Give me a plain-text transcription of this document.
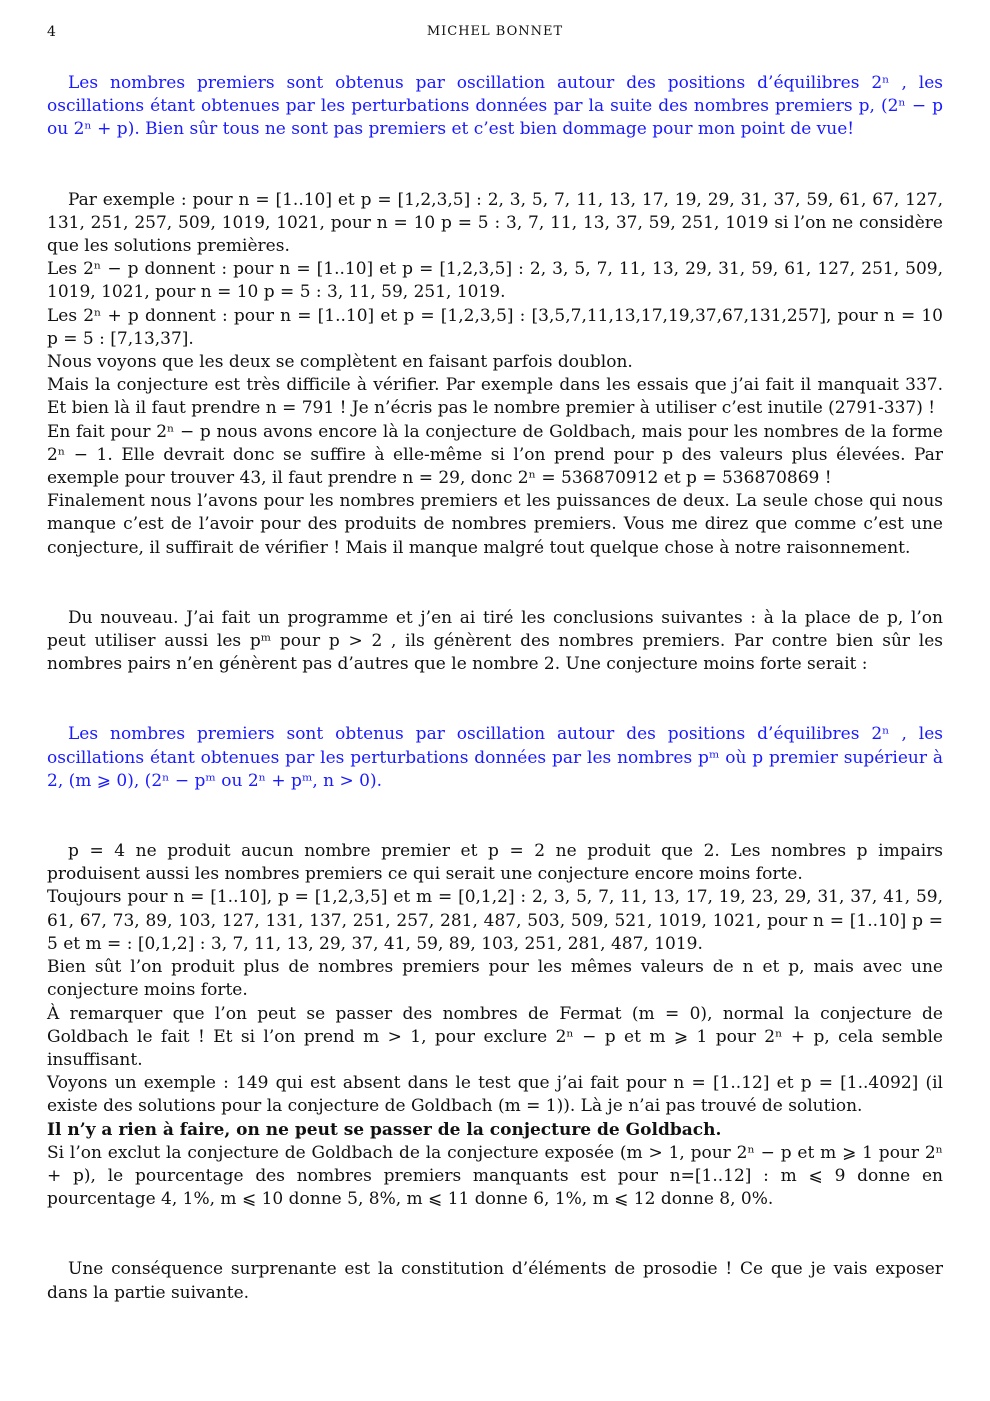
4	MICHEL BONNET

Les nombres premiers sont obtenus par oscillation autour des positions d’équilibres 2ⁿ , les oscillations étant obtenues par les perturbations données par la suite des nombres premiers p, (2ⁿ − p ou 2ⁿ + p). Bien sûr tous ne sont pas premiers et c’est bien dommage pour mon point de vue!

Par exemple : pour n = [1..10] et p = [1,2,3,5] : 2, 3, 5, 7, 11, 13, 17, 19, 29, 31, 37, 59, 61, 67, 127, 131, 251, 257, 509, 1019, 1021, pour n = 10 p = 5 : 3, 7, 11, 13, 37, 59, 251, 1019 si l’on ne considère que les solutions premières.

Les 2ⁿ − p donnent : pour n = [1..10] et p = [1,2,3,5] : 2, 3, 5, 7, 11, 13, 29, 31, 59, 61, 127, 251, 509, 1019, 1021, pour n = 10 p = 5 : 3, 11, 59, 251, 1019.

Les 2ⁿ + p donnent : pour n = [1..10] et p = [1,2,3,5] : [3,5,7,11,13,17,19,37,67,131,257], pour n = 10 p = 5 : [7,13,37].

Nous voyons que les deux se complètent en faisant parfois doublon.

Mais la conjecture est très difficile à vérifier. Par exemple dans les essais que j’ai fait il manquait 337. Et bien là il faut prendre n = 791 ! Je n’écris pas le nombre premier à utiliser c’est inutile (2791-337) !

En fait pour 2ⁿ − p nous avons encore là la conjecture de Goldbach, mais pour les nombres de la forme 2ⁿ − 1. Elle devrait donc se suffire à elle-même si l’on prend pour p des valeurs plus élevées. Par exemple pour trouver 43, il faut prendre n = 29, donc 2ⁿ = 536870912 et p = 536870869 !

Finalement nous l’avons pour les nombres premiers et les puissances de deux. La seule chose qui nous manque c’est de l’avoir pour des produits de nombres premiers. Vous me direz que comme c’est une conjecture, il suffirait de vérifier ! Mais il manque malgré tout quelque chose à notre raisonnement.

Du nouveau. J’ai fait un programme et j’en ai tiré les conclusions suivantes : à la place de p, l’on peut utiliser aussi les pᵐ pour p > 2 , ils génèrent des nombres premiers. Par contre bien sûr les nombres pairs n’en génèrent pas d’autres que le nombre 2. Une conjecture moins forte serait :

Les nombres premiers sont obtenus par oscillation autour des positions d’équilibres 2ⁿ , les oscillations étant obtenues par les perturbations données par les nombres pᵐ où p premier supérieur à 2, (m ⩾ 0), (2ⁿ − pᵐ ou 2ⁿ + pᵐ, n > 0).

p = 4 ne produit aucun nombre premier et p = 2 ne produit que 2. Les nombres p impairs produisent aussi les nombres premiers ce qui serait une conjecture encore moins forte.

Toujours pour n = [1..10], p = [1,2,3,5] et m = [0,1,2] : 2, 3, 5, 7, 11, 13, 17, 19, 23, 29, 31, 37, 41, 59, 61, 67, 73, 89, 103, 127, 131, 137, 251, 257, 281, 487, 503, 509, 521, 1019, 1021, pour n = [1..10] p = 5 et m = : [0,1,2] : 3, 7, 11, 13, 29, 37, 41, 59, 89, 103, 251, 281, 487, 1019.

Bien sût l’on produit plus de nombres premiers pour les mêmes valeurs de n et p, mais avec une conjecture moins forte.

À remarquer que l’on peut se passer des nombres de Fermat (m = 0), normal la conjecture de Goldbach le fait ! Et si l’on prend m > 1, pour exclure 2ⁿ − p et m ⩾ 1 pour 2ⁿ + p, cela semble insuffisant.

Voyons un exemple : 149 qui est absent dans le test que j’ai fait pour n = [1..12] et p = [1..4092] (il existe des solutions pour la conjecture de Goldbach (m = 1)). Là je n’ai pas trouvé de solution.

Il n’y a rien à faire, on ne peut se passer de la conjecture de Goldbach.

Si l’on exclut la conjecture de Goldbach de la conjecture exposée (m > 1, pour 2ⁿ − p et m ⩾ 1 pour 2ⁿ + p), le pourcentage des nombres premiers manquants est pour n=[1..12] : m ⩽ 9 donne en pourcentage 4, 1%, m ⩽ 10 donne 5, 8%, m ⩽ 11 donne 6, 1%, m ⩽ 12 donne 8, 0%.

Une conséquence surprenante est la constitution d’éléments de prosodie ! Ce que je vais exposer dans la partie suivante.
